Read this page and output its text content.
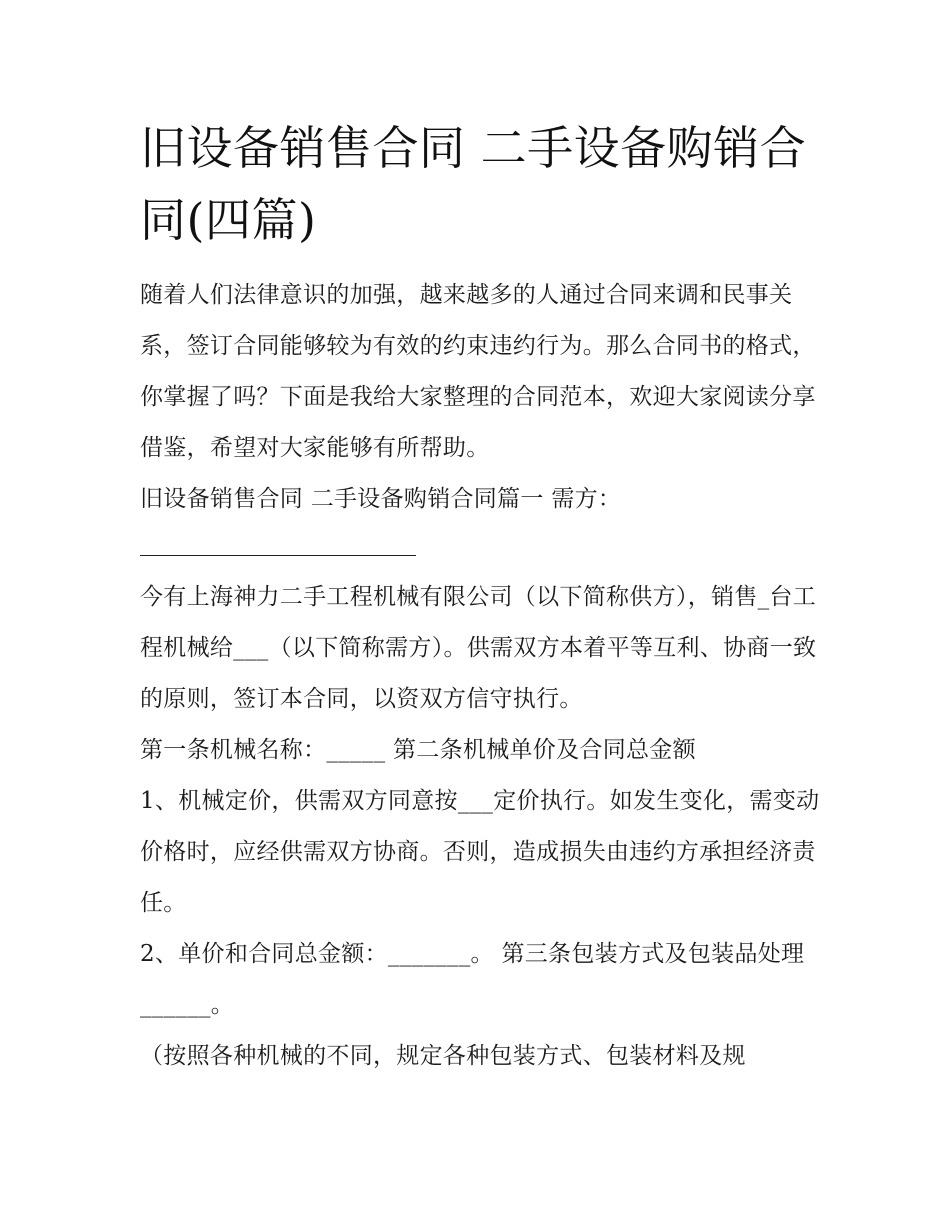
旧设备销售合同 二手设备购销合同(四篇)

随着人们法律意识的加强，越来越多的人通过合同来调和民事关系，签订合同能够较为有效的约束违约行为。那么合同书的格式，你掌握了吗？下面是我给大家整理的合同范本，欢迎大家阅读分享借鉴，希望对大家能够有所帮助。

旧设备销售合同 二手设备购销合同篇一 需方：

今有上海神力二手工程机械有限公司（以下简称供方），销售_台工程机械给___（以下简称需方）。供需双方本着平等互利、协商一致的原则，签订本合同，以资双方信守执行。

第一条机械名称：_____ 第二条机械单价及合同总金额

1、机械定价，供需双方同意按___定价执行。如发生变化，需变动价格时，应经供需双方协商。否则，造成损失由违约方承担经济责任。

2、单价和合同总金额：_______。 第三条包装方式及包装品处理______。

（按照各种机械的不同，规定各种包装方式、包装材料及规
